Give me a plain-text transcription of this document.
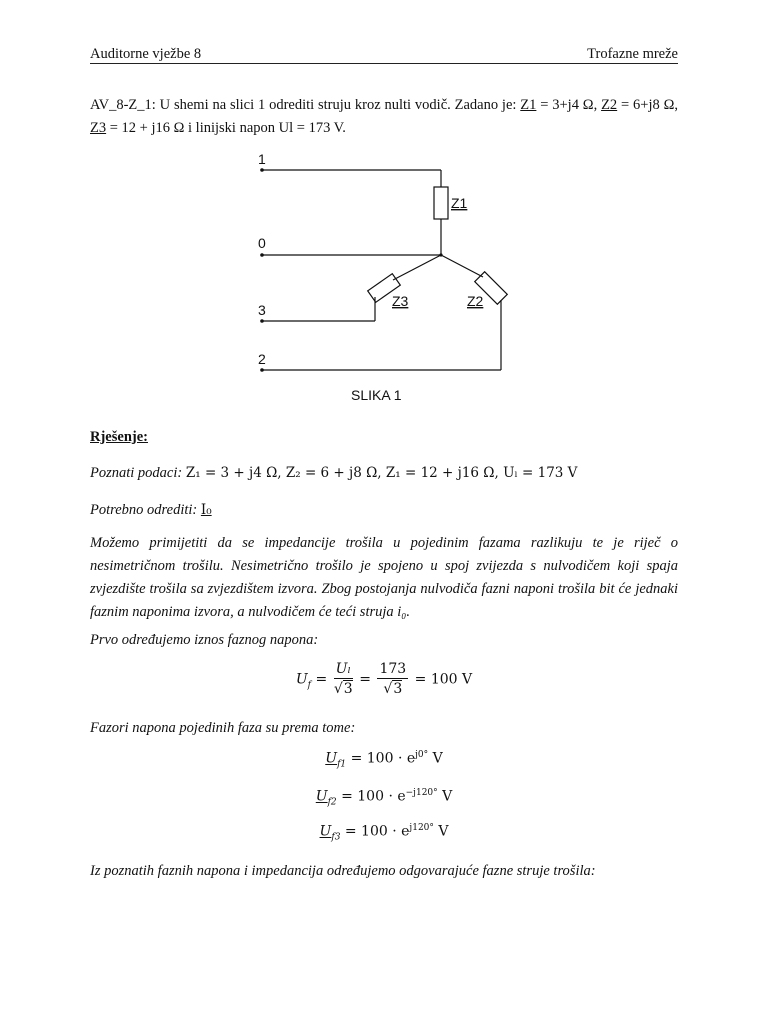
Auditorne vježbe 8	Trofazne mreže
AV_8-Z_1: U shemi na slici 1 odrediti struju kroz nulti vodič. Zadano je: Z1 = 3+j4 Ω, Z2 = 6+j8 Ω, Z3 = 12 + j16 Ω i linijski napon Ul = 173 V.
1
0
3
2
Z1
Z3	Z2
SLIKA 1
Rješenje:
Poznati podaci: Z₁ = 3 + j4 Ω, Z₂ = 6 + j8 Ω, Z₁ = 12 + j16 Ω, Uₗ = 173 V
Potrebno odrediti: I₀
Možemo primijetiti da se impedancije trošila u pojedinim fazama razlikuju te je riječ o nesimetričnom trošilu. Nesimetrično trošilo je spojeno u spoj zvijezda s nulvodičem koji spaja zvjezdište trošila sa zvjezdištem izvora. Zbog postojanja nulvodiča fazni naponi trošila bit će jednaki faznim naponima izvora, a nulvodičem će teći struja i₀.
Prvo određujemo iznos faznog napona:
$U_f = \frac{\text{Uₗ}}{√3} = \frac{173}{√3} = 100$ V
Fazori napona pojedinih faza su prema tome:
$U_{f1} = 100 \cdot e^{j0^\circ}$ V
$U_{f2} = 100 \cdot e^{-j120^\circ}$ V
$U_{f3} = 100 \cdot e^{j120^\circ}$ V
Iz poznatih faznih napona i impedancija određujemo odgovarajuće fazne struje trošila:
